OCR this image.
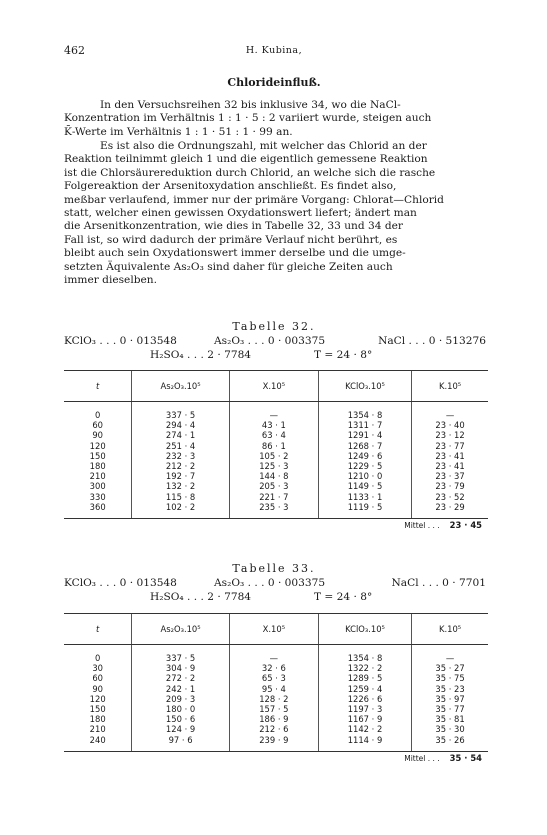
462	H. Kubina,
Chlorideinfluß.
In den Versuchsreihen 32 bis inklusive 34, wo die NaCl-
Konzentration im Verhältnis 1 : 1 · 5 : 2 variiert wurde, steigen auch
K̄-Werte im Verhältnis 1 : 1 · 51 : 1 · 99 an.
Es ist also die Ordnungszahl, mit welcher das Chlorid an der
Reaktion teilnimmt gleich 1 und die eigentlich gemessene Reaktion
ist die Chlorsäurereduktion durch Chlorid, an welche sich die rasche
Folgereaktion der Arsenitoxydation anschließt. Es findet also,
meßbar verlaufend, immer nur der primäre Vorgang: Chlorat—Chlorid
statt, welcher einen gewissen Oxydationswert liefert; ändert man
die Arsenitkonzentration, wie dies in Tabelle 32, 33 und 34 der
Fall ist, so wird dadurch der primäre Verlauf nicht berührt, es
bleibt auch sein Oxydationswert immer derselbe und die umge-
setzten Äquivalente As₂O₃ sind daher für gleiche Zeiten auch
immer dieselben.
Tabelle 32.
KClO₃ . . . 0 · 013548	As₂O₃ . . . 0 · 003375	NaCl . . . 0 · 513276
H₂SO₄ . . . 2 · 7784	T = 24 · 8°
t	As₂O₃.10⁵	X.10⁵	KClO₃.10⁵	K.10⁵

0	337 · 5	—	1354 · 8	—
60	294 · 4	43 · 1	1311 · 7	23 · 40
90	274 · 1	63 · 4	1291 · 4	23 · 12
120	251 · 4	86 · 1	1268 · 7	23 · 77
150	232 · 3	105 · 2	1249 · 6	23 · 41
180	212 · 2	125 · 3	1229 · 5	23 · 41
210	192 · 7	144 · 8	1210 · 0	23 · 37
300	132 · 2	205 · 3	1149 · 5	23 · 79
330	115 · 8	221 · 7	1133 · 1	23 · 52
360	102 · 2	235 · 3	1119 · 5	23 · 29

Mittel . . . 23 · 45				
Tabelle 33.
KClO₃ . . . 0 · 013548	As₂O₃ . . . 0 · 003375	NaCl . . . 0 · 7701
H₂SO₄ . . . 2 · 7784	T = 24 · 8°
t	As₂O₃.10⁵	X.10⁵	KClO₃.10⁵	K.10⁵

0	337 · 5	—	1354 · 8	—
30	304 · 9	32 · 6	1322 · 2	35 · 27
60	272 · 2	65 · 3	1289 · 5	35 · 75
90	242 · 1	95 · 4	1259 · 4	35 · 23
120	209 · 3	128 · 2	1226 · 6	35 · 97
150	180 · 0	157 · 5	1197 · 3	35 · 77
180	150 · 6	186 · 9	1167 · 9	35 · 81
210	124 · 9	212 · 6	1142 · 2	35 · 30
240	97 · 6	239 · 9	1114 · 9	35 · 26

Mittel . . . 35 · 54				
